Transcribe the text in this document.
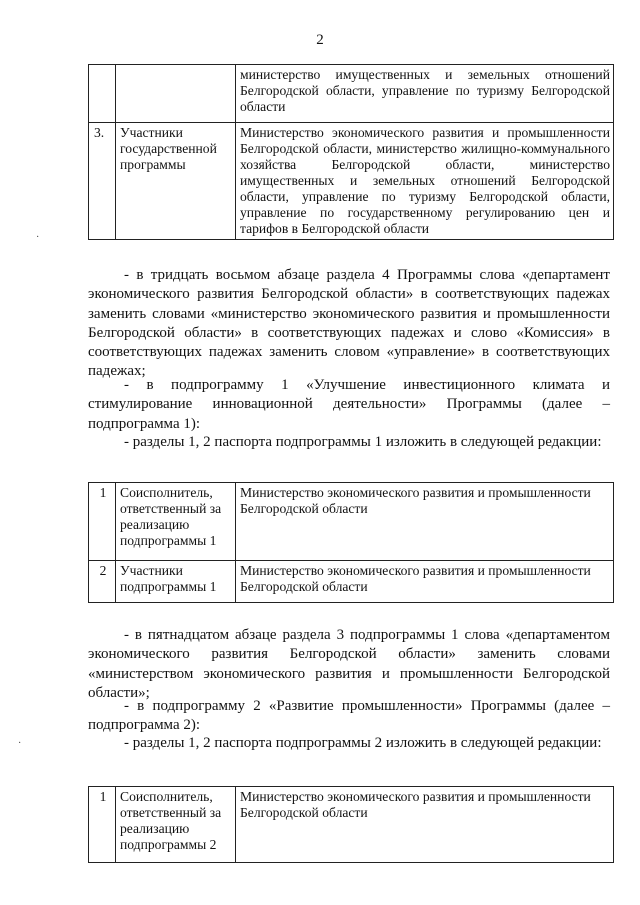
2
		министерство имущественных и земельных отношений Белгородской области, управление по туризму Белгородской области
3.	Участники государственной программы	Министерство экономического развития и промышленности Белгородской области, министерство жилищно-коммунального хозяйства Белгородской области, министерство имущественных и земельных отношений Белгородской области, управление по туризму Белгородской области, управление по государственному регулированию цен и тарифов в Белгородской области

- в тридцать восьмом абзаце раздела 4 Программы слова «департамент экономического развития Белгородской области» в соответствующих падежах заменить словами «министерство экономического развития и промышленности Белгородской области» в соответствующих падежах и слово «Комиссия» в соответствующих падежах заменить словом «управление» в соответствующих падежах;

- в подпрограмму 1 «Улучшение инвестиционного климата и стимулирование инновационной деятельности» Программы (далее – подпрограмма 1):

- разделы 1, 2 паспорта подпрограммы 1 изложить в следующей редакции:

1	Соисполнитель, ответственный за реализацию подпрограммы 1	Министерство экономического развития и промышленности Белгородской области
2	Участники подпрограммы 1	Министерство экономического развития и промышленности Белгородской области

- в пятнадцатом абзаце раздела 3 подпрограммы 1 слова «департаментом экономического развития Белгородской области» заменить словами «министерством экономического развития и промышленности Белгородской области»;

- в подпрограмму 2 «Развитие промышленности» Программы (далее – подпрограмма 2):

- разделы 1, 2 паспорта подпрограммы 2 изложить в следующей редакции:

1	Соисполнитель, ответственный за реализацию подпрограммы 2	Министерство экономического развития и промышленности Белгородской области
·
·
